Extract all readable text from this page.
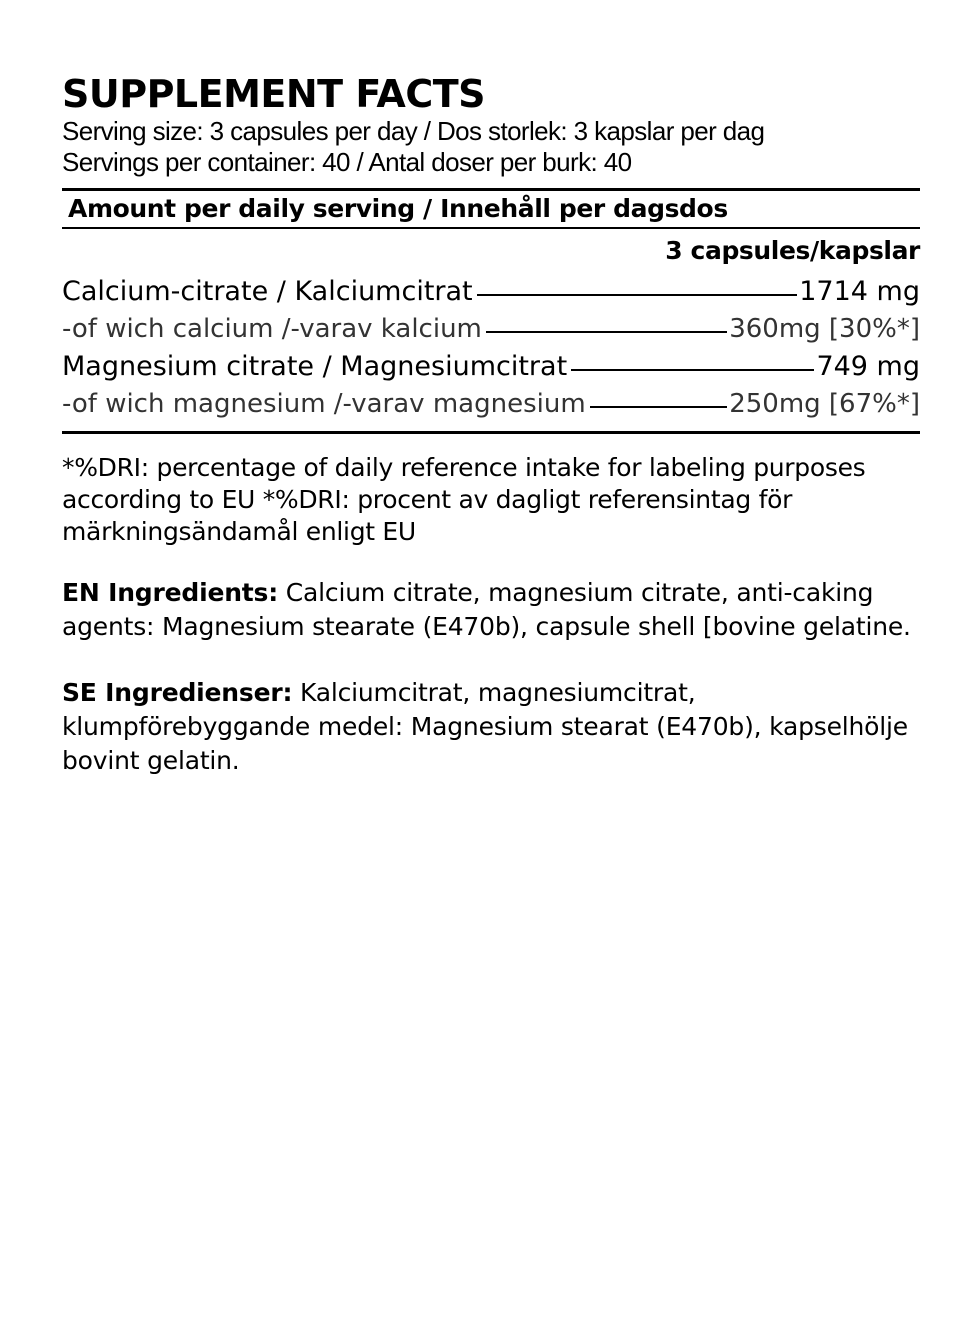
SUPPLEMENT FACTS
Serving size: 3 capsules per day / Dos storlek: 3 kapslar per dag
Servings per container: 40 / Antal doser per burk: 40
Amount per daily serving / Innehåll per dagsdos
3 capsules/kapslar
Calcium-citrate / Kalciumcitrat	1714 mg
-of wich calcium /-varav kalcium	360mg [30%*]
Magnesium citrate / Magnesiumcitrat	749 mg
-of wich magnesium /-varav magnesium	250mg [67%*]
*%DRI: percentage of daily reference intake for labeling purposes according to EU *%DRI: procent av dagligt referensintag för märkningsändamål enligt EU

EN Ingredients: Calcium citrate, magnesium citrate, anti-caking agents: Magnesium stearate (E470b), capsule shell [bovine gelatine.

SE Ingredienser: Kalciumcitrat, magnesiumcitrat, klumpförebyggande medel: Magnesium stearat (E470b), kapselhölje bovint gelatin.
